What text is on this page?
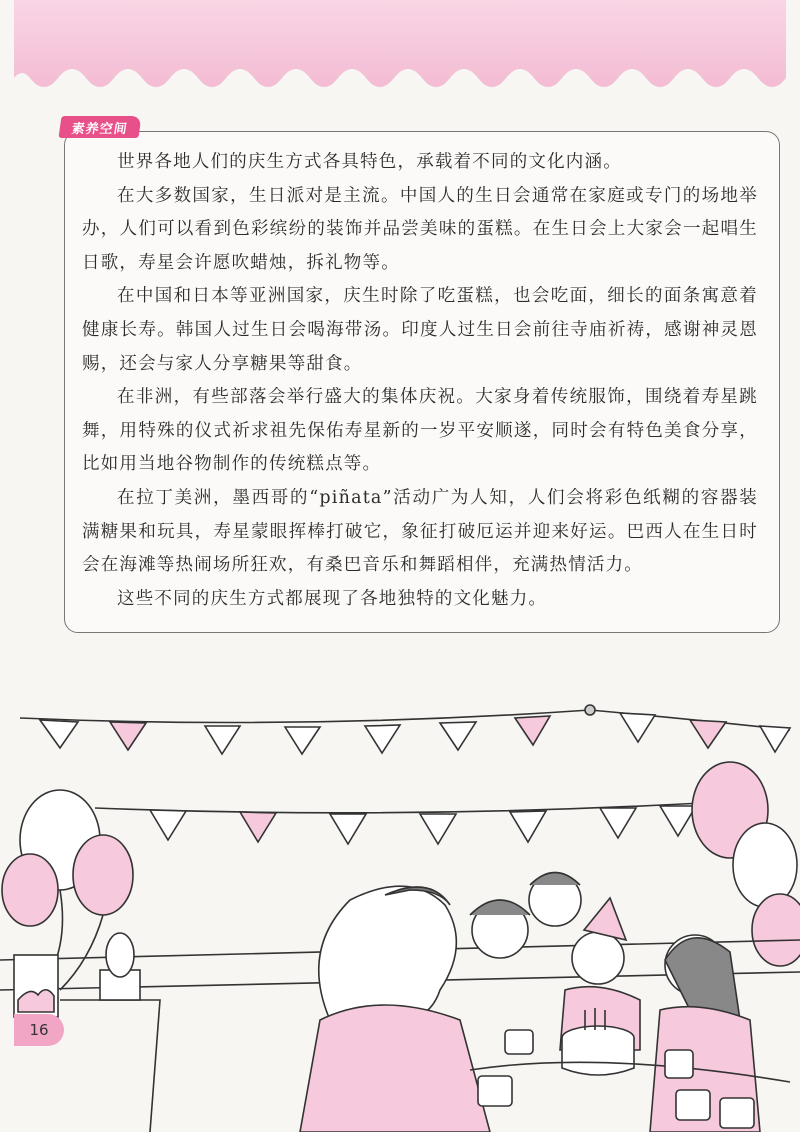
素养空间

世界各地人们的庆生方式各具特色，承载着不同的文化内涵。

在大多数国家，生日派对是主流。中国人的生日会通常在家庭或专门的场地举办，人们可以看到色彩缤纷的装饰并品尝美味的蛋糕。在生日会上大家会一起唱生日歌，寿星会许愿吹蜡烛，拆礼物等。

在中国和日本等亚洲国家，庆生时除了吃蛋糕，也会吃面，细长的面条寓意着健康长寿。韩国人过生日会喝海带汤。印度人过生日会前往寺庙祈祷，感谢神灵恩赐，还会与家人分享糖果等甜食。

在非洲，有些部落会举行盛大的集体庆祝。大家身着传统服饰，围绕着寿星跳舞，用特殊的仪式祈求祖先保佑寿星新的一岁平安顺遂，同时会有特色美食分享，比如用当地谷物制作的传统糕点等。

在拉丁美洲，墨西哥的“piñata”活动广为人知，人们会将彩色纸糊的容器装满糖果和玩具，寿星蒙眼挥棒打破它，象征打破厄运并迎来好运。巴西人在生日时会在海滩等热闹场所狂欢，有桑巴音乐和舞蹈相伴，充满热情活力。

这些不同的庆生方式都展现了各地独特的文化魅力。

16
